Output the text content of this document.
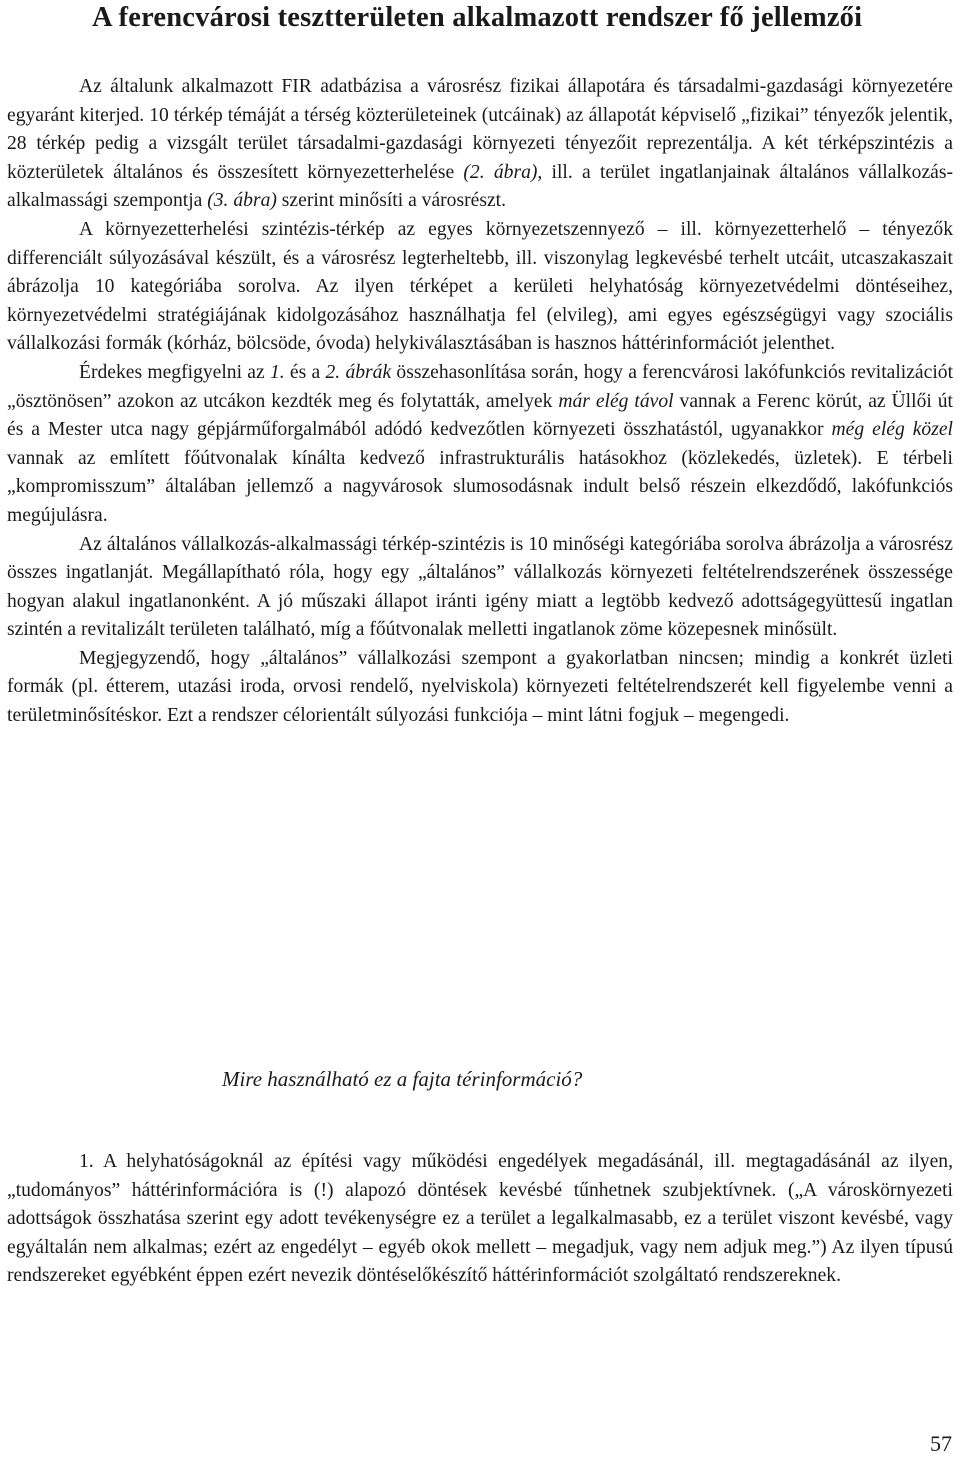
A ferencvárosi tesztterületen alkalmazott rendszer fő jellemzői

Az általunk alkalmazott FIR adatbázisa a városrész fizikai állapotára és társadalmi-gazdasági környezetére egyaránt kiterjed. 10 térkép témáját a térség közterületeinek (utcáinak) az állapotát képviselő „fizikai” tényezők jelentik, 28 térkép pedig a vizsgált terület társadalmi-gazdasági környezeti tényezőit reprezentálja. A két térképszintézis a közterületek általános és összesített környezetterhelése (2. ábra), ill. a terület ingatlanjainak általános vállalkozás-alkalmassági szempontja (3. ábra) szerint minősíti a városrészt.

A környezetterhelési szintézis-térkép az egyes környezetszennyező – ill. környezetterhelő – tényezők differenciált súlyozásával készült, és a városrész legterheltebb, ill. viszonylag legkevésbé terhelt utcáit, utcaszakaszait ábrázolja 10 kategóriába sorolva. Az ilyen térképet a kerületi helyhatóság környezetvédelmi döntéseihez, környezetvédelmi stratégiájának kidolgozásához használhatja fel (elvileg), ami egyes egészségügyi vagy szociális vállalkozási formák (kórház, bölcsöde, óvoda) helykiválasztásában is hasznos háttérinformációt jelenthet.

Érdekes megfigyelni az 1. és a 2. ábrák összehasonlítása során, hogy a ferencvárosi lakófunkciós revitalizációt „ösztönösen” azokon az utcákon kezdték meg és folytatták, amelyek már elég távol vannak a Ferenc körút, az Üllői út és a Mester utca nagy gépjárműforgalmából adódó kedvezőtlen környezeti összhatástól, ugyanakkor még elég közel vannak az említett főútvonalak kínálta kedvező infrastrukturális hatásokhoz (közlekedés, üzletek). E térbeli „kompromisszum” általában jellemző a nagyvárosok slumosodásnak indult belső részein elkezdődő, lakófunkciós megújulásra.

Az általános vállalkozás-alkalmassági térkép-szintézis is 10 minőségi kategóriába sorolva ábrázolja a városrész összes ingatlanját. Megállapítható róla, hogy egy „általános” vállalkozás környezeti feltételrendszerének összessége hogyan alakul ingatlanonként. A jó műszaki állapot iránti igény miatt a legtöbb kedvező adottságegyüttesű ingatlan szintén a revitalizált területen található, míg a főútvonalak melletti ingatlanok zöme közepesnek minősült.

Megjegyzendő, hogy „általános” vállalkozási szempont a gyakorlatban nincsen; mindig a konkrét üzleti formák (pl. étterem, utazási iroda, orvosi rendelő, nyelviskola) környezeti feltételrendszerét kell figyelembe venni a területminősítéskor. Ezt a rendszer célorientált súlyozási funkciója – mint látni fogjuk – megengedi.

Mire használható ez a fajta térinformáció?

1. A helyhatóságoknál az építési vagy működési engedélyek megadásánál, ill. megtagadásánál az ilyen, „tudományos” háttérinformációra is (!) alapozó döntések kevésbé tűnhetnek szubjektívnek. („A városkörnyezeti adottságok összhatása szerint egy adott tevékenységre ez a terület a legalkalmasabb, ez a terület viszont kevésbé, vagy egyáltalán nem alkalmas; ezért az engedélyt – egyéb okok mellett – megadjuk, vagy nem adjuk meg.”) Az ilyen típusú rendszereket egyébként éppen ezért nevezik döntéselőkészítő háttérinformációt szolgáltató rendszereknek.

57
